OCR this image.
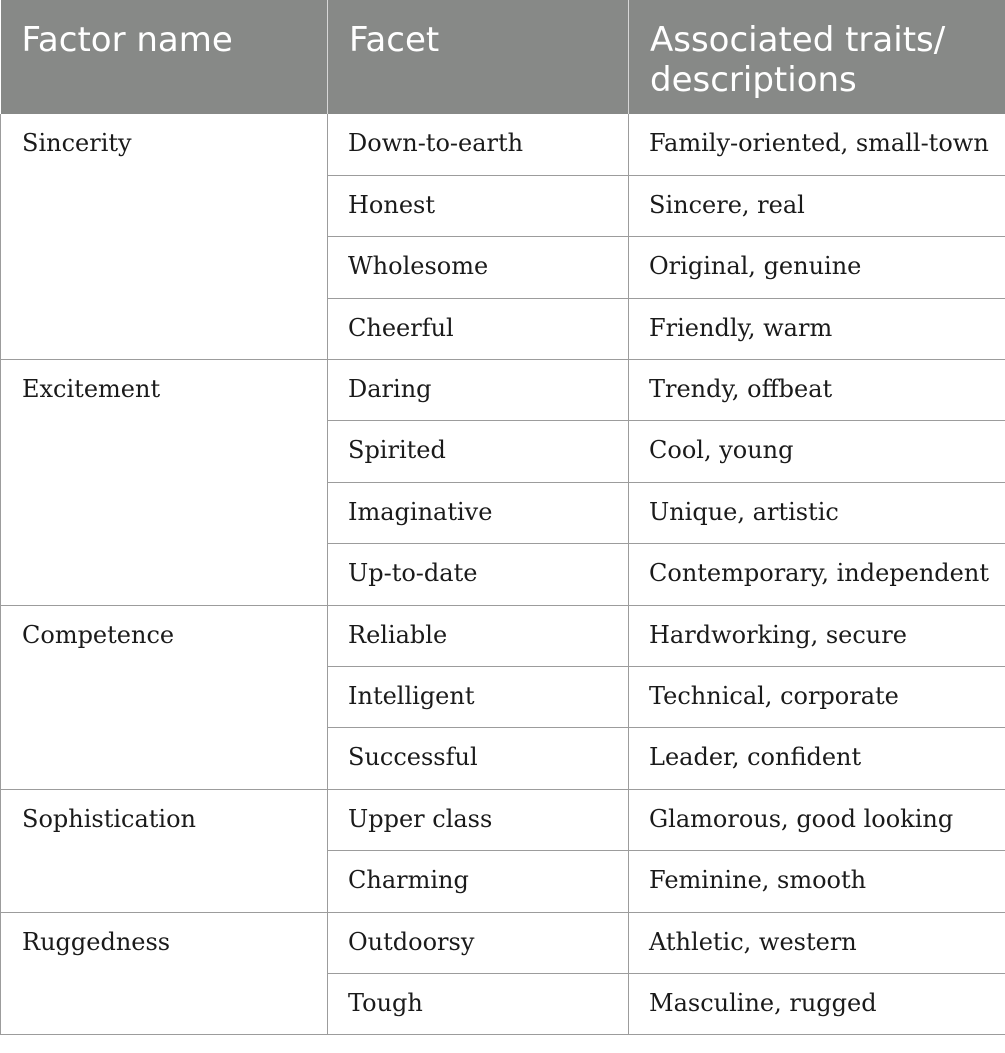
Factor name	Facet	Associated traits/ descriptions
Sincerity	Down-to-earth	Family-oriented, small-town
	Honest	Sincere, real
	Wholesome	Original, genuine
	Cheerful	Friendly, warm
Excitement	Daring	Trendy, offbeat
	Spirited	Cool, young
	Imaginative	Unique, artistic
	Up-to-date	Contemporary, independent
Competence	Reliable	Hardworking, secure
	Intelligent	Technical, corporate
	Successful	Leader, confident
Sophistication	Upper class	Glamorous, good looking
	Charming	Feminine, smooth
Ruggedness	Outdoorsy	Athletic, western
	Tough	Masculine, rugged
